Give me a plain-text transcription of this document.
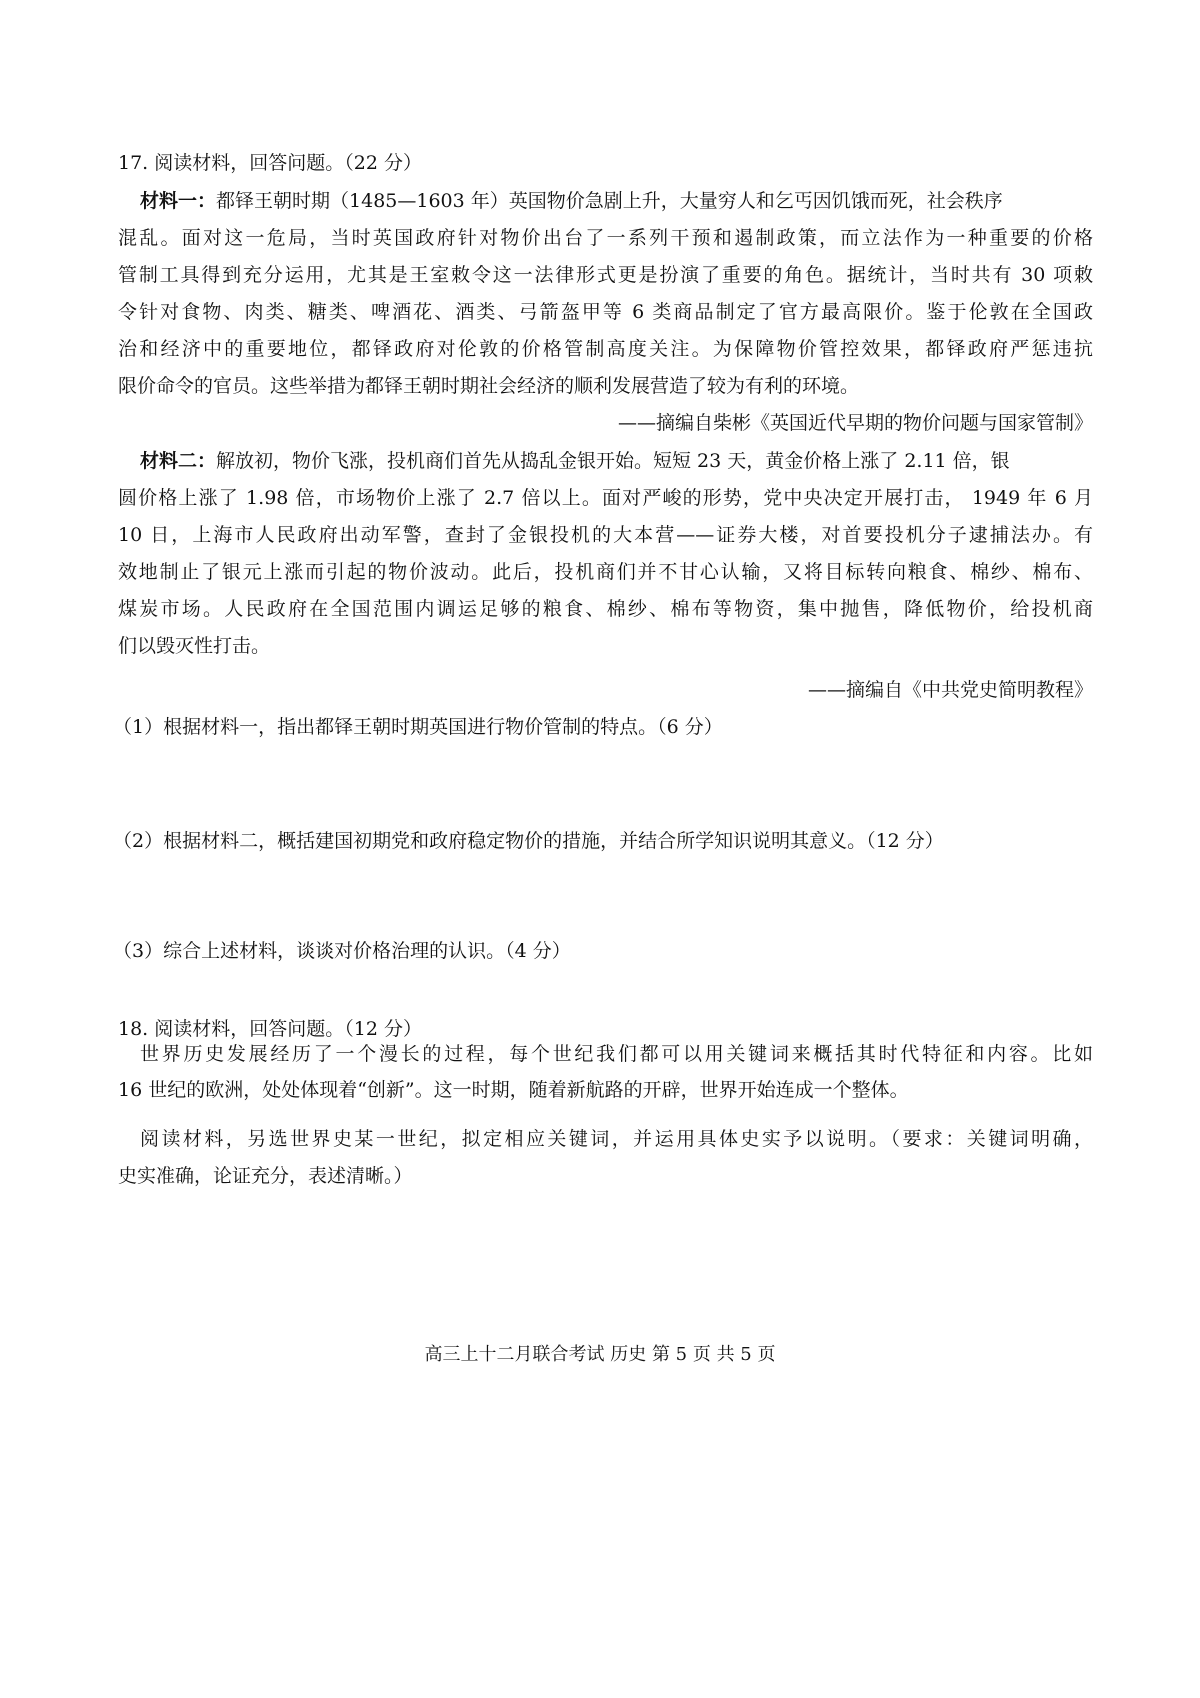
17. 阅读材料，回答问题。（22 分）
材料一：都铎王朝时期（1485—1603 年）英国物价急剧上升，大量穷人和乞丐因饥饿而死，社会秩序
混乱。面对这一危局，当时英国政府针对物价出台了一系列干预和遏制政策，而立法作为一种重要的价格
管制工具得到充分运用，尤其是王室敕令这一法律形式更是扮演了重要的角色。据统计，当时共有 30 项敕
令针对食物、肉类、糖类、啤酒花、酒类、弓箭盔甲等 6 类商品制定了官方最高限价。鉴于伦敦在全国政
治和经济中的重要地位，都铎政府对伦敦的价格管制高度关注。为保障物价管控效果，都铎政府严惩违抗
限价命令的官员。这些举措为都铎王朝时期社会经济的顺利发展营造了较为有利的环境。
——摘编自柴彬《英国近代早期的物价问题与国家管制》
材料二：解放初，物价飞涨，投机商们首先从捣乱金银开始。短短 23 天，黄金价格上涨了 2.11 倍，银
圆价格上涨了 1.98 倍，市场物价上涨了 2.7 倍以上。面对严峻的形势，党中央决定开展打击， 1949 年 6 月
10 日，上海市人民政府出动军警，查封了金银投机的大本营——证券大楼，对首要投机分子逮捕法办。有
效地制止了银元上涨而引起的物价波动。此后，投机商们并不甘心认输，又将目标转向粮食、棉纱、棉布、
煤炭市场。人民政府在全国范围内调运足够的粮食、棉纱、棉布等物资，集中抛售，降低物价，给投机商
们以毁灭性打击。
——摘编自《中共党史简明教程》
（1）根据材料一，指出都铎王朝时期英国进行物价管制的特点。（6 分）
（2）根据材料二，概括建国初期党和政府稳定物价的措施，并结合所学知识说明其意义。（12 分）
（3）综合上述材料，谈谈对价格治理的认识。（4 分）
18. 阅读材料，回答问题。（12 分）
世界历史发展经历了一个漫长的过程，每个世纪我们都可以用关键词来概括其时代特征和内容。比如
16 世纪的欧洲，处处体现着“创新”。这一时期，随着新航路的开辟，世界开始连成一个整体。
阅读材料，另选世界史某一世纪，拟定相应关键词，并运用具体史实予以说明。（要求：关键词明确，
史实准确，论证充分，表述清晰。）
高三上十二月联合考试 历史 第 5 页 共 5 页
